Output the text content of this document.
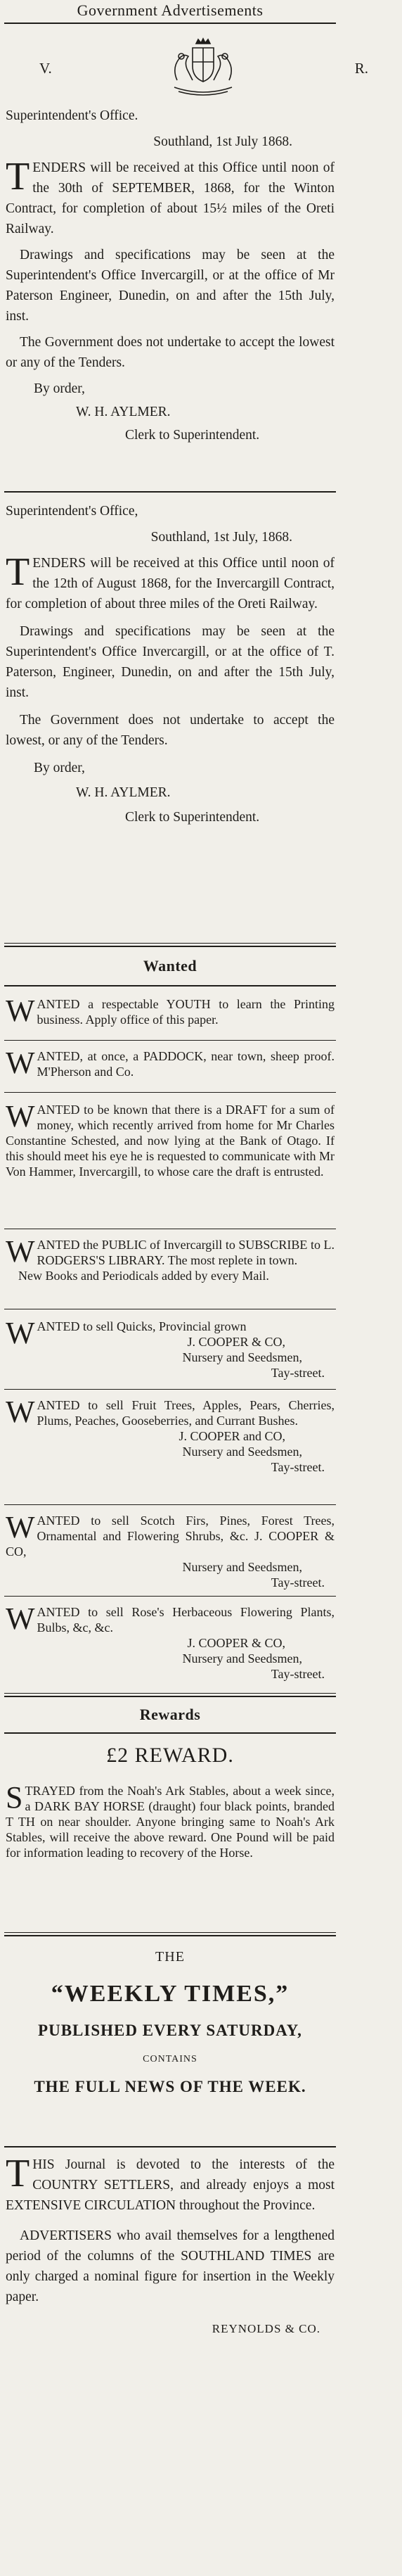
Government Advertisements
V.	R.
Superintendent's Office.
Southland, 1st July 1868.

TENDERS will be received at this Office until noon of the 30th of SEPTEMBER, 1868, for the Winton Contract, for completion of about 15½ miles of the Oreti Railway.

Drawings and specifications may be seen at the Superintendent's Office Invercargill, or at the office of Mr Paterson Engineer, Dunedin, on and after the 15th July, inst.

The Government does not undertake to accept the lowest or any of the Tenders.

By order,
W. H. AYLMER.
Clerk to Superintendent.
Superintendent's Office,
Southland, 1st July, 1868.

TENDERS will be received at this Office until noon of the 12th of August 1868, for the Invercargill Contract, for completion of about three miles of the Oreti Railway.

Drawings and specifications may be seen at the Superintendent's Office Invercargill, or at the office of T. Paterson, Engineer, Dunedin, on and after the 15th July, inst.

The Government does not undertake to accept the lowest, or any of the Tenders.

By order,
W. H. AYLMER.
Clerk to Superintendent.
Wanted

WANTED a respectable YOUTH to learn the Printing business. Apply office of this paper.

WANTED, at once, a PADDOCK, near town, sheep proof. M'Pherson and Co.

WANTED to be known that there is a DRAFT for a sum of money, which recently arrived from home for Mr Charles Constantine Schested, and now lying at the Bank of Otago. If this should meet his eye he is requested to communicate with Mr Von Hammer, Invercargill, to whose care the draft is entrusted.

WANTED the PUBLIC of Invercargill to SUBSCRIBE to L. RODGERS'S LIBRARY. The most replete in town.

New Books and Periodicals added by every Mail.

WANTED to sell Quicks, Provincial grown

J. COOPER & CO,
Nursery and Seedsmen,
Tay-street.

WANTED to sell Fruit Trees, Apples, Pears, Cherries, Plums, Peaches, Gooseberries, and Currant Bushes.

J. COOPER and CO,
Nursery and Seedsmen,
Tay-street.

WANTED to sell Scotch Firs, Pines, Forest Trees, Ornamental and Flowering Shrubs, &c. J. COOPER & CO,

Nursery and Seedsmen,
Tay-street.

WANTED to sell Rose's Herbaceous Flowering Plants, Bulbs, &c, &c.

J. COOPER & CO,
Nursery and Seedsmen,
Tay-street.
Rewards
£2 REWARD.

STRAYED from the Noah's Ark Stables, about a week since, a DARK BAY HORSE (draught) four black points, branded T TH on near shoulder. Anyone bringing same to Noah's Ark Stables, will receive the above reward. One Pound will be paid for information leading to recovery of the Horse.

THE
“WEEKLY TIMES,”
PUBLISHED EVERY SATURDAY,
CONTAINS
THE FULL NEWS OF THE WEEK.

THIS Journal is devoted to the interests of the COUNTRY SETTLERS, and already enjoys a most EXTENSIVE CIRCULATION throughout the Province.

ADVERTISERS who avail themselves for a lengthened period of the columns of the SOUTHLAND TIMES are only charged a nominal figure for insertion in the Weekly paper.

REYNOLDS & CO.
